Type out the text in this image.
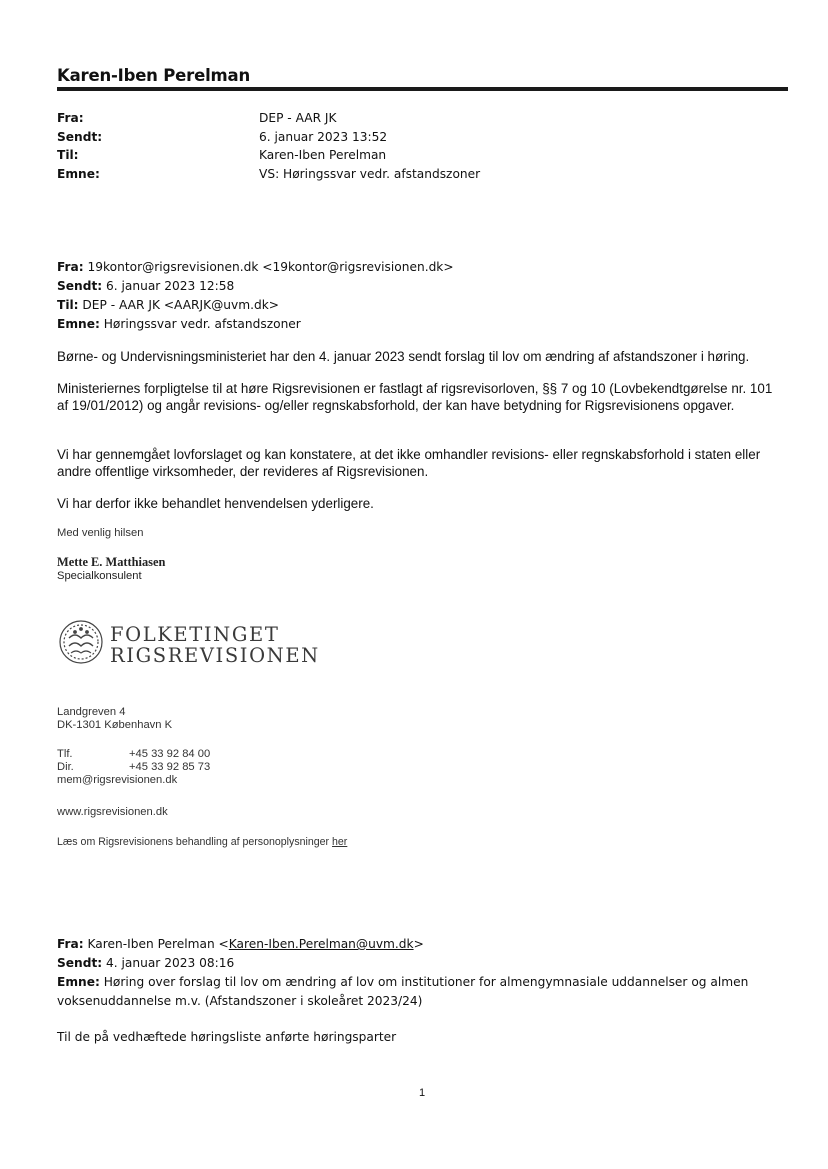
Karen-Iben Perelman
Fra:
Sendt:
Til:
Emne:
DEP - AAR JK
6. januar 2023 13:52
Karen-Iben Perelman
VS: Høringssvar vedr. afstandszoner
Fra: 19kontor@rigsrevisionen.dk <19kontor@rigsrevisionen.dk>
Sendt: 6. januar 2023 12:58
Til: DEP - AAR JK <AARJK@uvm.dk>
Emne: Høringssvar vedr. afstandszoner

Børne- og Undervisningsministeriet har den 4. januar 2023 sendt forslag til lov om ændring af afstandszoner i høring.

Ministeriernes forpligtelse til at høre Rigsrevisionen er fastlagt af rigsrevisorloven, §§ 7 og 10 (Lovbekendtgørelse nr. 101 af 19/01/2012) og angår revisions- og/eller regnskabsforhold, der kan have betydning for Rigsrevisionens opgaver.

Vi har gennemgået lovforslaget og kan konstatere, at det ikke omhandler revisions- eller regnskabsforhold i staten eller andre offentlige virksomheder, der revideres af Rigsrevisionen.

Vi har derfor ikke behandlet henvendelsen yderligere.

Med venlig hilsen
Mette E. Matthiasen
Specialkonsulent
FOLKETINGET
RIGSREVISIONEN
Landgreven 4
DK-1301 København K
Tlf.	+45 33 92 84 00
Dir.	+45 33 92 85 73
mem@rigsrevisionen.dk
www.rigsrevisionen.dk
Læs om Rigsrevisionens behandling af personoplysninger her
Fra: Karen-Iben Perelman <Karen-Iben.Perelman@uvm.dk>
Sendt: 4. januar 2023 08:16
Emne: Høring over forslag til lov om ændring af lov om institutioner for almengymnasiale uddannelser og almen voksenuddannelse m.v. (Afstandszoner i skoleåret 2023/24)
Til de på vedhæftede høringsliste anførte høringsparter
1
